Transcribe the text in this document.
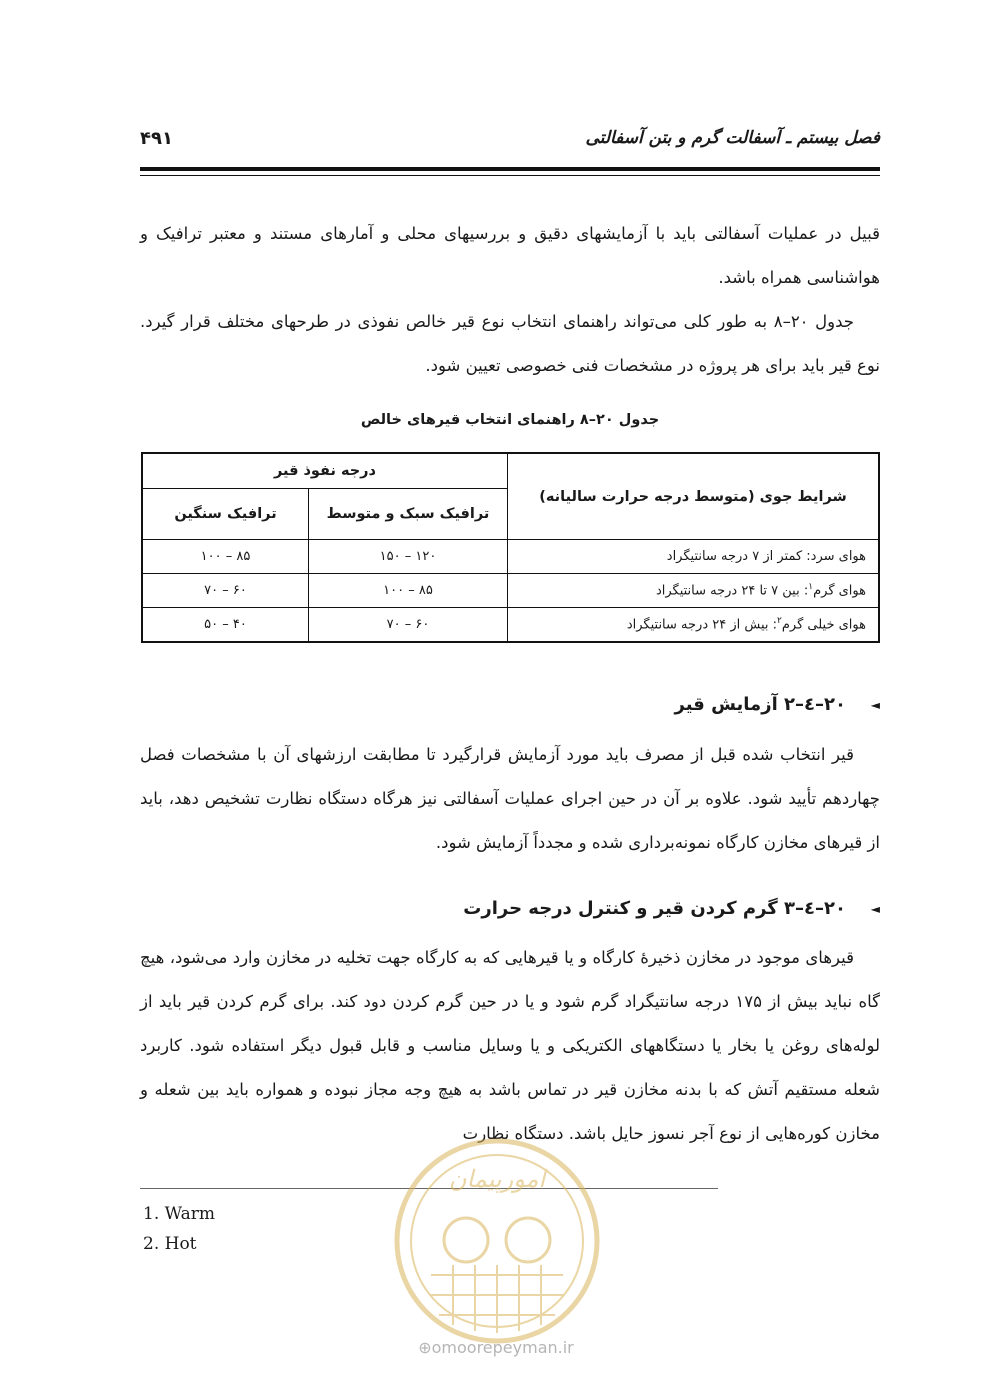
فصل بیستم ـ آسفالت گرم و بتن آسفالتی
۴۹۱
قبیل در عملیات آسفالتی باید با آزمایشهای دقیق و بررسیهای محلی و آمارهای مستند و معتبر ترافیک و هواشناسی همراه باشد.
جدول ۲۰–۸ به طور کلی می‌تواند راهنمای انتخاب نوع قیر خالص نفوذی در طرحهای مختلف قرار گیرد. نوع قیر باید برای هر پروژه در مشخصات فنی خصوصی تعیین شود.
جدول ۲۰–۸ راهنمای انتخاب قیرهای خالص
شرایط جوی (متوسط درجه حرارت سالیانه)	درجه نفوذ قیر	
	ترافیک سبک و متوسط	ترافیک سنگین
هوای سرد: کمتر از ۷ درجه سانتیگراد	۱۲۰ – ۱۵۰	۸۵ – ۱۰۰
هوای گرم$^۱$: بین ۷ تا ۲۴ درجه سانتیگراد	۸۵ – ۱۰۰	۶۰ – ۷۰
هوای خیلی گرم$^۲$: بیش از ۲۴ درجه سانتیگراد	۶۰ – ۷۰	۴۰ – ۵۰
◄۲۰–٤–۲ آزمایش قیر
قیر انتخاب شده قبل از مصرف باید مورد آزمایش قرارگیرد تا مطابقت ارزشهای آن با مشخصات فصل چهاردهم تأیید شود. علاوه بر آن در حین اجرای عملیات آسفالتی نیز هرگاه دستگاه نظارت تشخیص دهد، باید از قیرهای مخازن کارگاه نمونه‌برداری شده و مجدداً آزمایش شود.
◄۲۰–٤–۳ گرم کردن قیر و کنترل درجه حرارت
قیرهای موجود در مخازن ذخیرهٔ کارگاه و یا قیرهایی که به کارگاه جهت تخلیه در مخازن وارد می‌شود، هیچ گاه نباید بیش از ۱۷۵ درجه سانتیگراد گرم شود و یا در حین گرم کردن دود کند. برای گرم کردن قیر باید از لوله‌های روغن یا بخار یا دستگاههای الکتریکی و یا وسایل مناسب و قابل قبول دیگر استفاده شود. کاربرد شعله مستقیم آتش که با بدنه مخازن قیر در تماس باشد به هیچ وجه مجاز نبوده و همواره باید بین شعله و مخازن کوره‌هایی از نوع آجر نسوز حایل باشد. دستگاه نظارت
1. Warm
2. Hot
امورپیمان
⊕omoorepeyman.ir
